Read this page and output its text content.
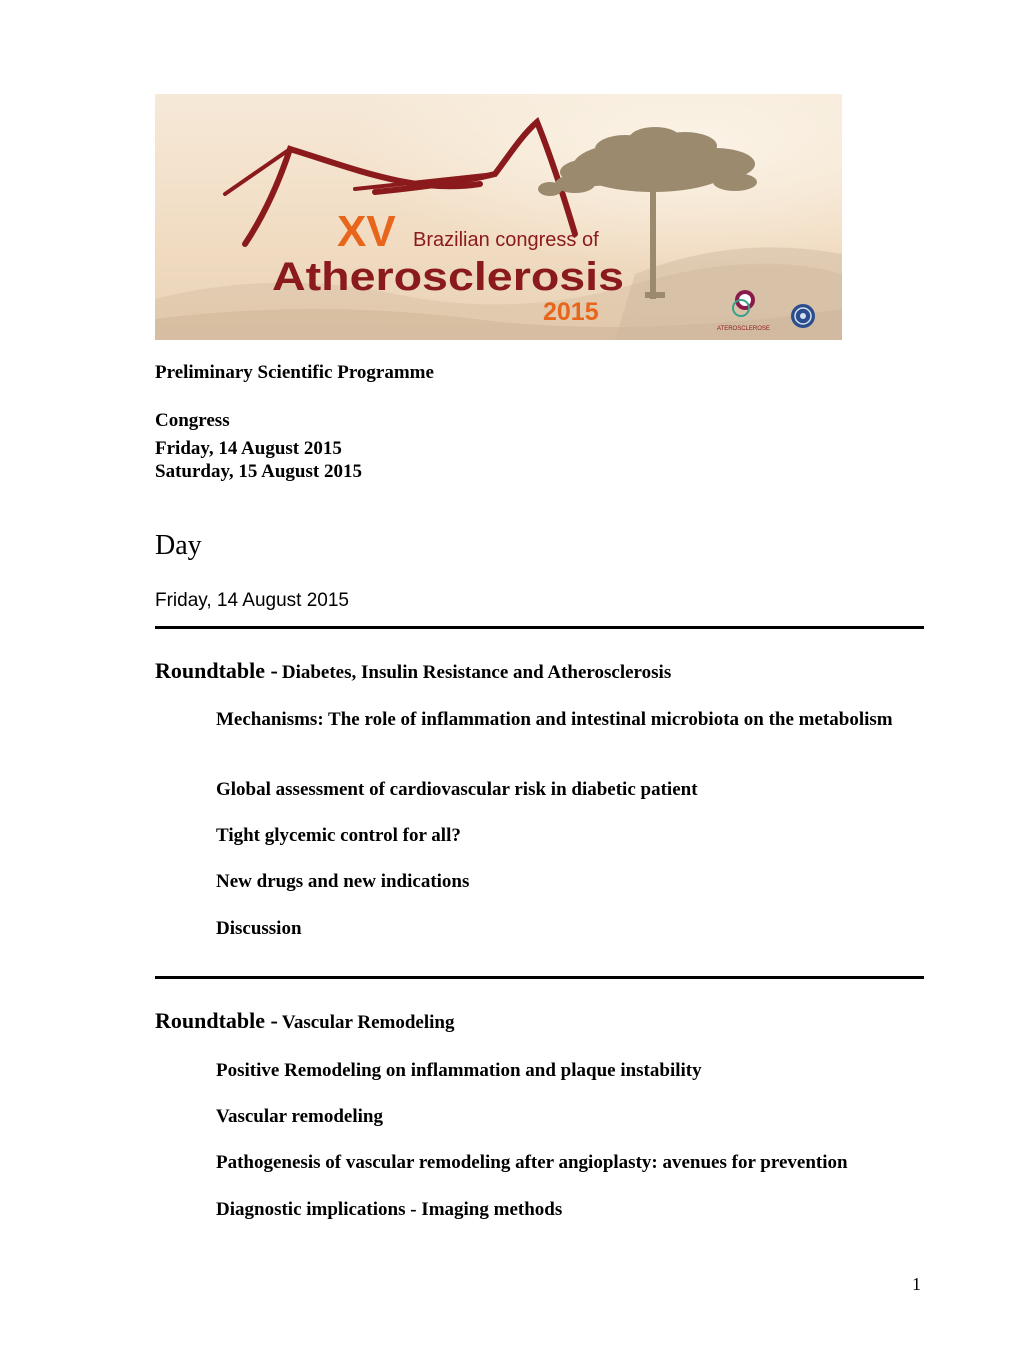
XV Brazilian congress of
Atherosclerosis
2015
ATEROSCLEROSE

Preliminary Scientific Programme

Congress

Friday, 14 August 2015

Saturday, 15 August 2015

Day

Friday, 14 August 2015

Roundtable - Diabetes, Insulin Resistance and Atherosclerosis

Mechanisms: The role of inflammation and intestinal microbiota on the metabolism

Global assessment of cardiovascular risk in diabetic patient

Tight glycemic control for all?

New drugs and new indications

Discussion

Roundtable - Vascular Remodeling

Positive Remodeling on inflammation and plaque instability

Vascular remodeling

Pathogenesis of vascular remodeling after angioplasty: avenues for prevention

Diagnostic implications - Imaging methods

1
